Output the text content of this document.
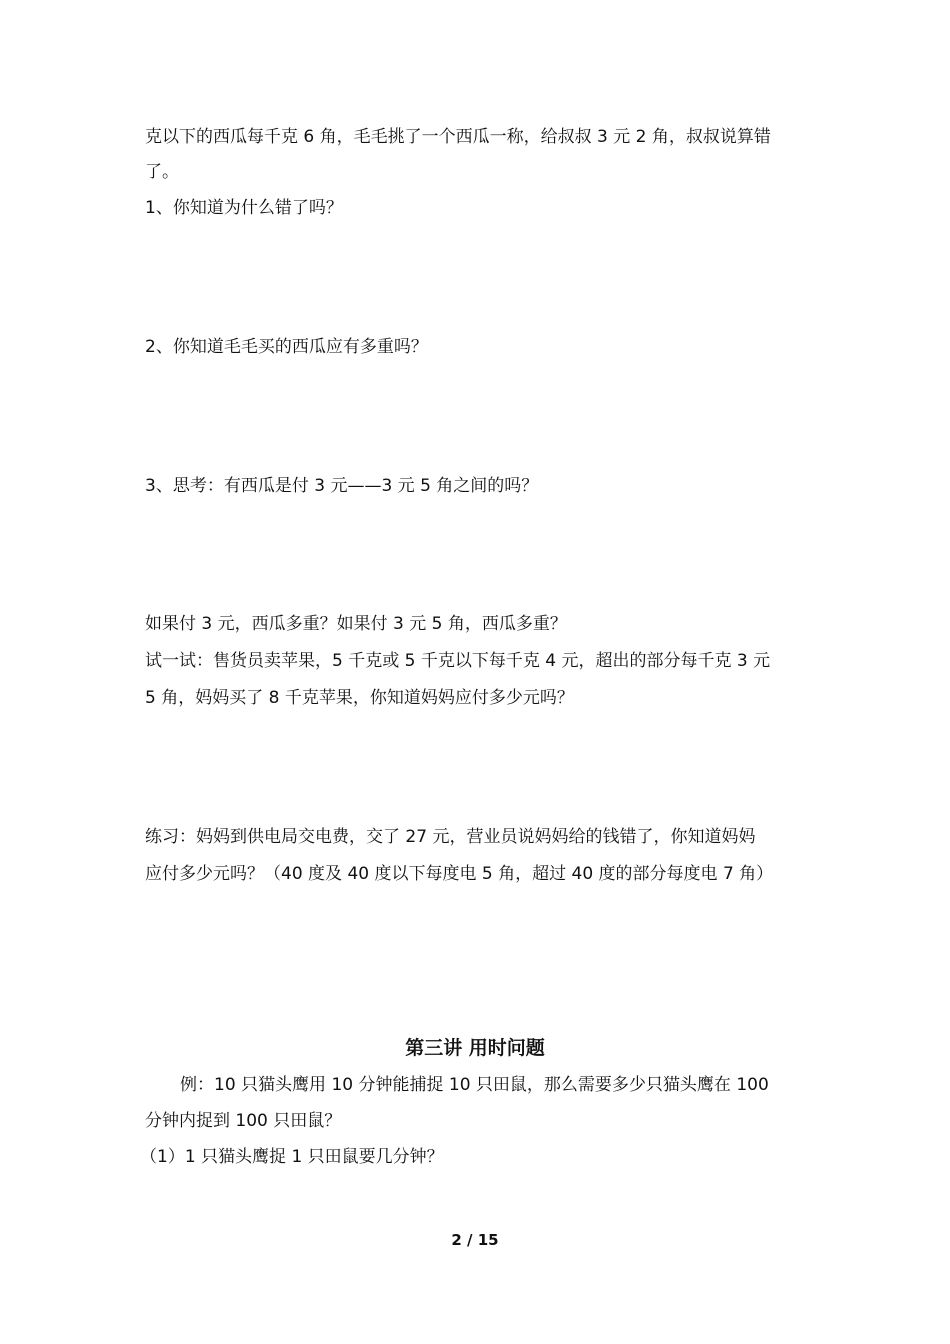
克以下的西瓜每千克 6 角，毛毛挑了一个西瓜一称，给叔叔 3 元 2 角，叔叔说算错
了。
1、你知道为什么错了吗？
2、你知道毛毛买的西瓜应有多重吗？
3、思考：有西瓜是付 3 元——3 元 5 角之间的吗？
如果付 3 元，西瓜多重？如果付 3 元 5 角，西瓜多重？
试一试：售货员卖苹果，5 千克或 5 千克以下每千克 4 元，超出的部分每千克 3 元
5 角，妈妈买了 8 千克苹果，你知道妈妈应付多少元吗？
练习：妈妈到供电局交电费，交了 27 元，营业员说妈妈给的钱错了，你知道妈妈
应付多少元吗？（40 度及 40 度以下每度电 5 角，超过 40 度的部分每度电 7 角）
第三讲 用时问题
例：10 只猫头鹰用 10 分钟能捕捉 10 只田鼠，那么需要多少只猫头鹰在 100
分钟内捉到 100 只田鼠？
（1）1 只猫头鹰捉 1 只田鼠要几分钟？
2 / 15
